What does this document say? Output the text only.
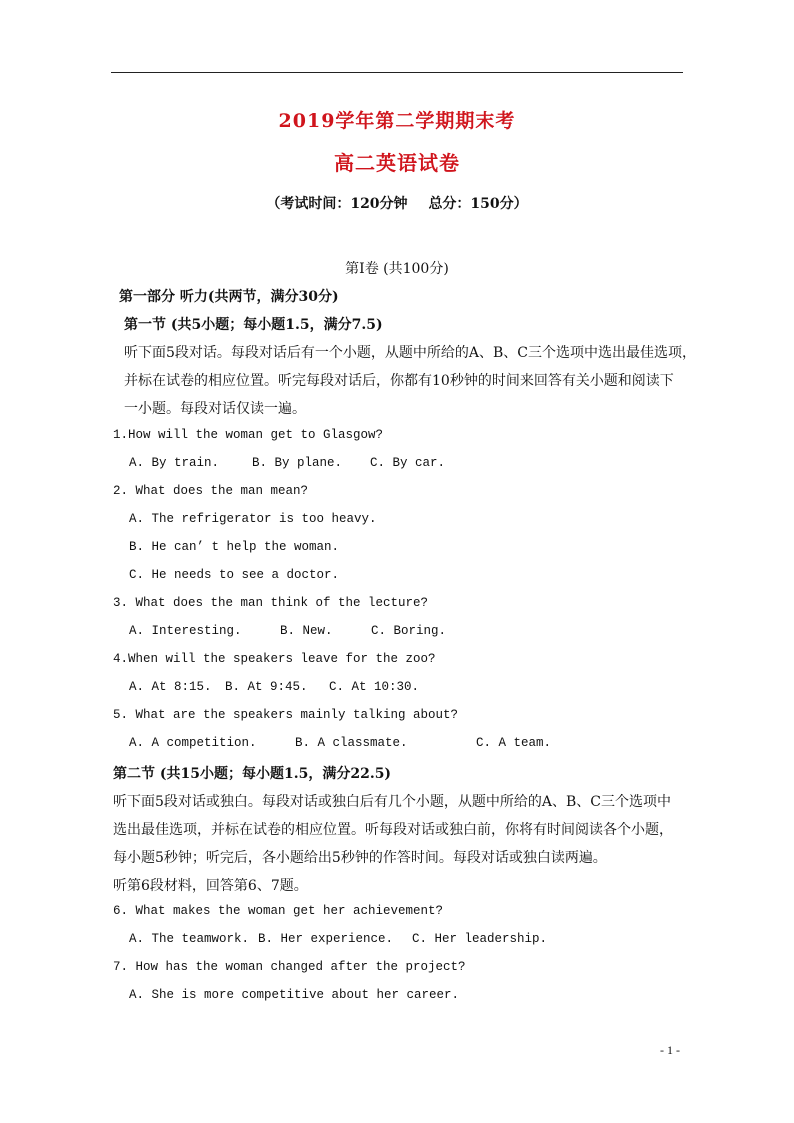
2019学年第二学期期末考
高二英语试卷
（考试时间：120分钟 总分：150分）
第Ⅰ卷 (共100分)
第一部分 听力(共两节，满分30分)
第一节 (共5小题；每小题1.5，满分7.5)
听下面5段对话。每段对话后有一个小题，从题中所给的A、B、C三个选项中选出最佳选项，
并标在试卷的相应位置。听完每段对话后，你都有10秒钟的时间来回答有关小题和阅读下
一小题。每段对话仅读一遍。
1.How will the woman get to Glasgow?
A. By train.	B. By plane. C. By car.
2. What does the man mean?
A. The refrigerator is too heavy.
B. He can’ t help the woman.
C. He needs to see a doctor.
3. What does the man think of the lecture?
A. Interesting.	B. New.	C. Boring.
4.When will the speakers leave for the zoo?
A. At 8:15. B. At 9:45. C. At 10:30.
5. What are the speakers mainly talking about?
A. A competition.	B. A classmate.	C. A team.
第二节 (共15小题；每小题1.5，满分22.5)
听下面5段对话或独白。每段对话或独白后有几个小题，从题中所给的A、B、C三个选项中
选出最佳选项，并标在试卷的相应位置。听每段对话或独白前，你将有时间阅读各个小题，
每小题5秒钟；听完后，各小题给出5秒钟的作答时间。每段对话或独白读两遍。
听第6段材料，回答第6、7题。
6. What makes the woman get her achievement?
A. The teamwork. B. Her experience. C. Her leadership.
7. How has the woman changed after the project?
A. She is more competitive about her career.
- 1 -
